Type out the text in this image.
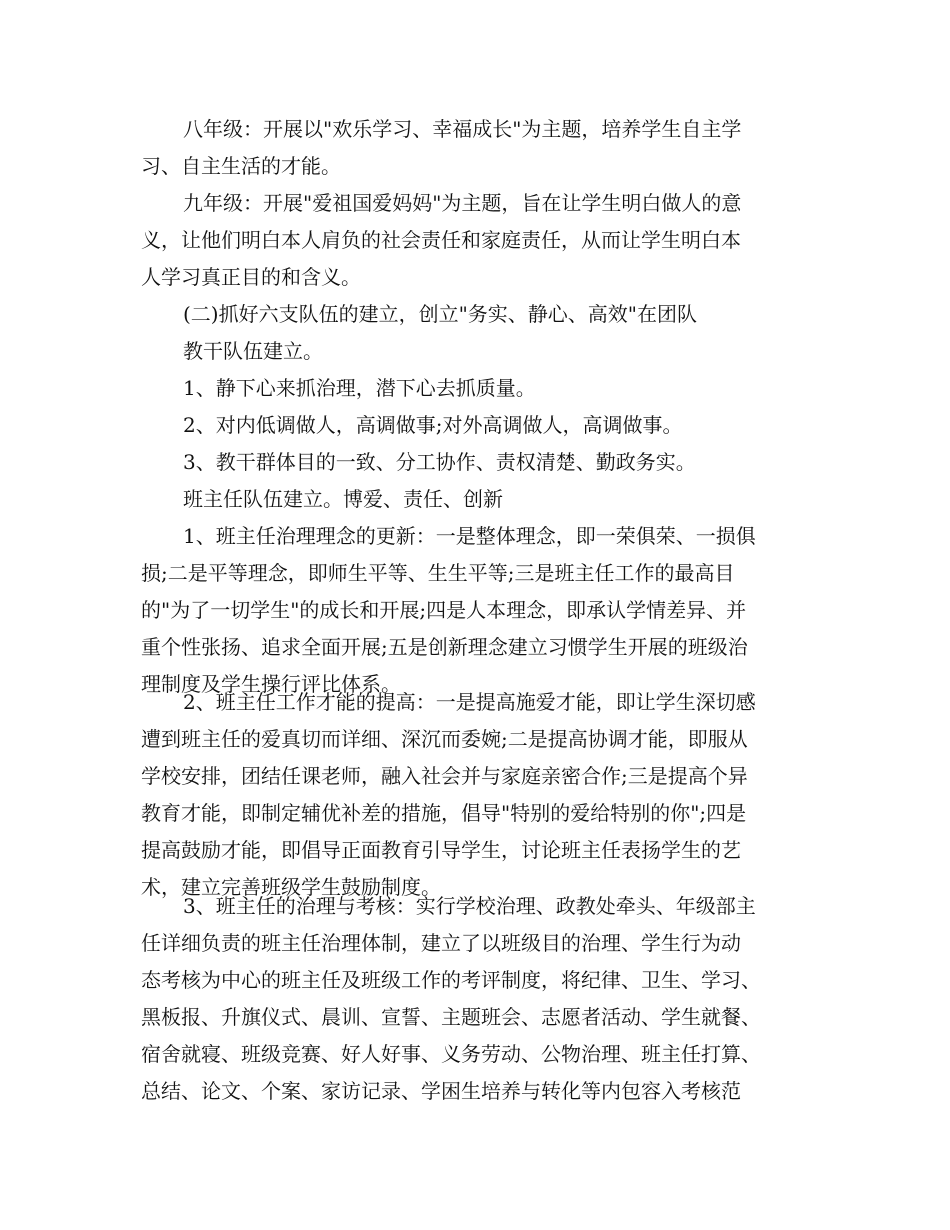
八年级：开展以"欢乐学习、幸福成长"为主题，培养学生自主学
习、自主生活的才能。
九年级：开展"爱祖国爱妈妈"为主题，旨在让学生明白做人的意
义，让他们明白本人肩负的社会责任和家庭责任，从而让学生明白本
人学习真正目的和含义。
(二)抓好六支队伍的建立，创立"务实、静心、高效"在团队
教干队伍建立。
1、静下心来抓治理，潜下心去抓质量。
2、对内低调做人，高调做事;对外高调做人，高调做事。
3、教干群体目的一致、分工协作、责权清楚、勤政务实。
班主任队伍建立。博爱、责任、创新
1、班主任治理理念的更新：一是整体理念，即一荣俱荣、一损俱
损;二是平等理念，即师生平等、生生平等;三是班主任工作的最高目
的"为了一切学生"的成长和开展;四是人本理念，即承认学情差异、并
重个性张扬、追求全面开展;五是创新理念建立习惯学生开展的班级治
理制度及学生操行评比体系。
2、班主任工作才能的提高：一是提高施爱才能，即让学生深切感
遭到班主任的爱真切而详细、深沉而委婉;二是提高协调才能，即服从
学校安排，团结任课老师，融入社会并与家庭亲密合作;三是提高个异
教育才能，即制定辅优补差的措施，倡导"特别的爱给特别的你";四是
提高鼓励才能，即倡导正面教育引导学生，讨论班主任表扬学生的艺
术，建立完善班级学生鼓励制度。
3、班主任的治理与考核：实行学校治理、政教处牵头、年级部主
任详细负责的班主任治理体制，建立了以班级目的治理、学生行为动
态考核为中心的班主任及班级工作的考评制度，将纪律、卫生、学习、
黑板报、升旗仪式、晨训、宣誓、主题班会、志愿者活动、学生就餐、
宿舍就寝、班级竞赛、好人好事、义务劳动、公物治理、班主任打算、
总结、论文、个案、家访记录、学困生培养与转化等内包容入考核范
